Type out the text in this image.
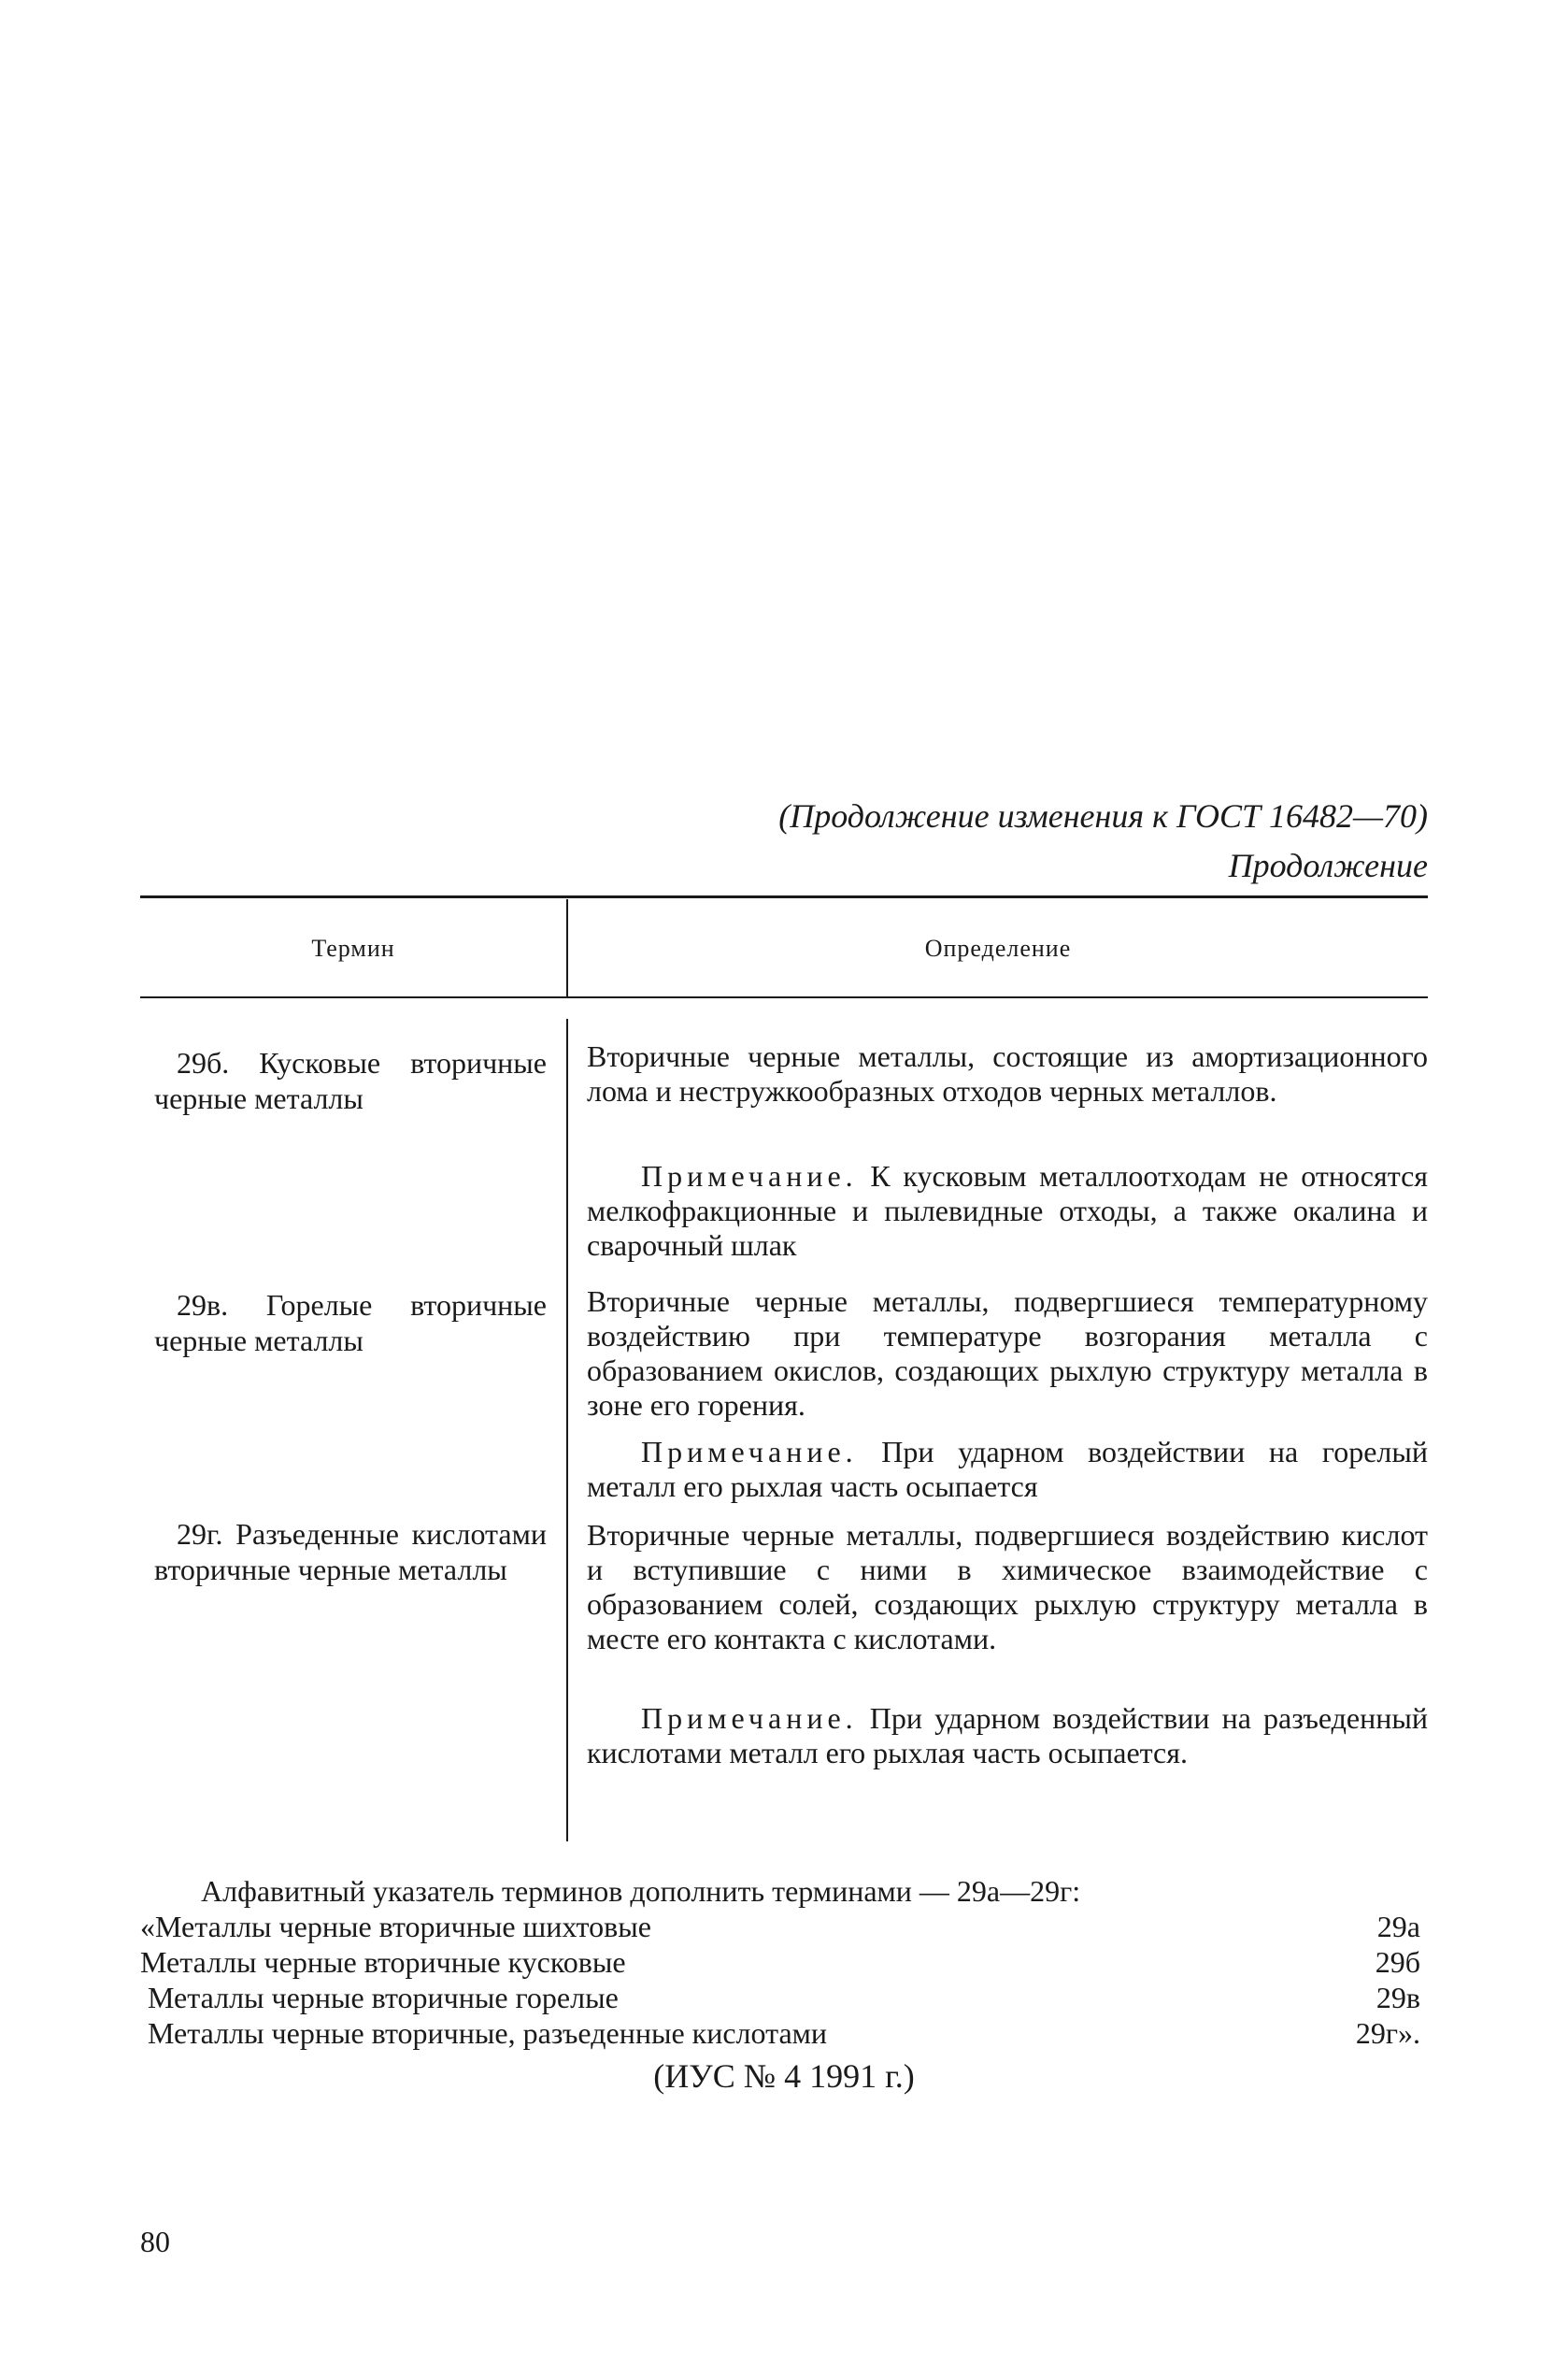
(Продолжение изменения к ГОСТ 16482—70)
Продолжение
Термин	Определение
29б. Кусковые вторичные черные металлы
Вторичные черные металлы, состоящие из амортизационного лома и нестружкообразных отходов черных металлов.
Примечание. К кусковым металлоотходам не относятся мелкофракционные и пылевидные отходы, а также окалина и сварочный шлак
29в. Горелые вторичные черные металлы
Вторичные черные металлы, подвергшиеся температурному воздействию при температуре возгорания металла с образованием окислов, создающих рыхлую структуру металла в зоне его горения.
Примечание. При ударном воздействии на горелый металл его рыхлая часть осыпается
29г. Разъеденные кислотами вторичные черные металлы
Вторичные черные металлы, подвергшиеся воздействию кислот и вступившие с ними в химическое взаимодействие с образованием солей, создающих рыхлую структуру металла в месте его контакта с кислотами.
Примечание. При ударном воздействии на разъеденный кислотами металл его рыхлая часть осыпается.
Алфавитный указатель терминов дополнить терминами — 29а—29г:
«Металлы черные вторичные шихтовые	29а
Металлы черные вторичные кусковые	29б
Металлы черные вторичные горелые	29в
Металлы черные вторичные, разъеденные кислотами	29г».
(ИУС № 4 1991 г.)
80
